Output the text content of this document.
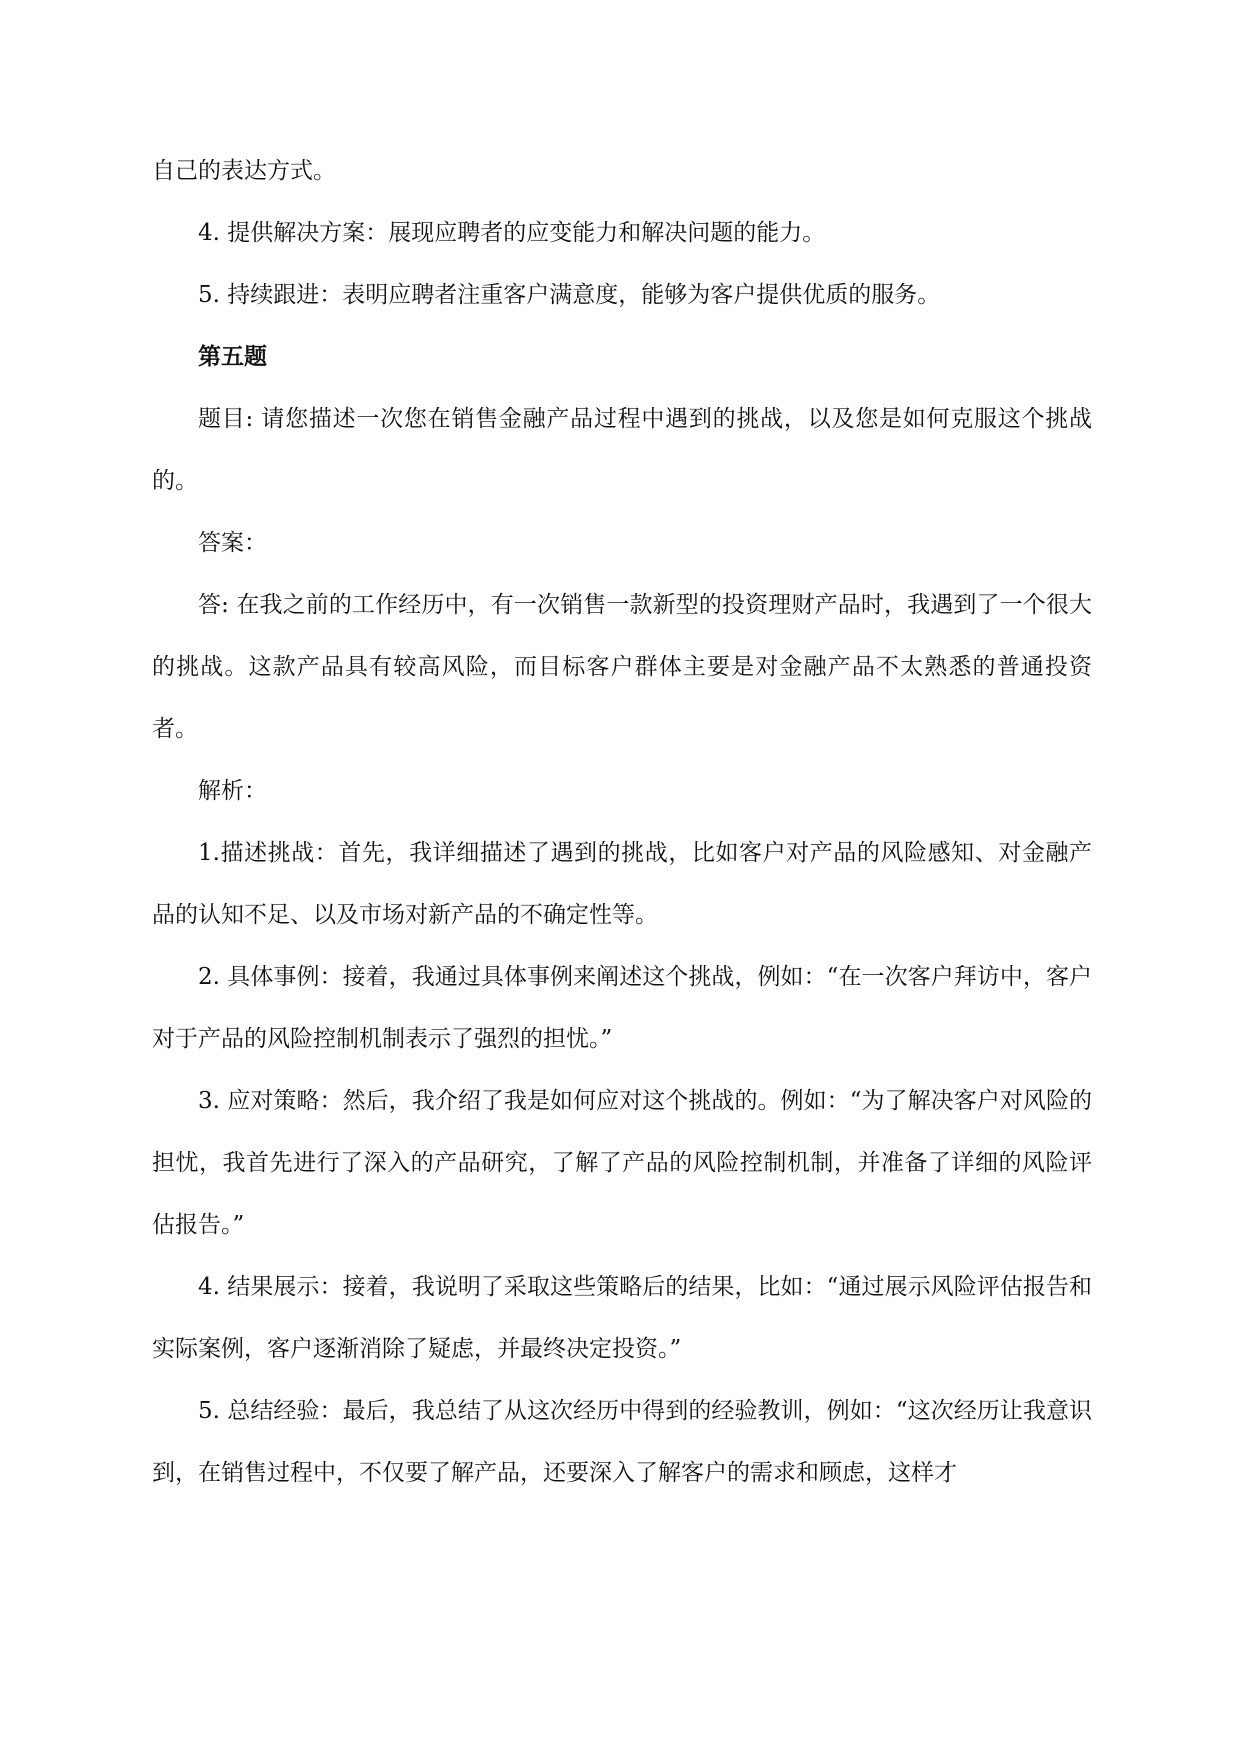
自己的表达方式。

4. 提供解决方案：展现应聘者的应变能力和解决问题的能力。

5. 持续跟进：表明应聘者注重客户满意度，能够为客户提供优质的服务。

第五题

题目: 请您描述一次您在销售金融产品过程中遇到的挑战，以及您是如何克服这个挑战的。

答案：

答: 在我之前的工作经历中，有一次销售一款新型的投资理财产品时，我遇到了一个很大的挑战。这款产品具有较高风险，而目标客户群体主要是对金融产品不太熟悉的普通投资者。

解析：

1.描述挑战：首先，我详细描述了遇到的挑战，比如客户对产品的风险感知、对金融产品的认知不足、以及市场对新产品的不确定性等。

2. 具体事例：接着，我通过具体事例来阐述这个挑战，例如：“在一次客户拜访中，客户对于产品的风险控制机制表示了强烈的担忧。”

3. 应对策略：然后，我介绍了我是如何应对这个挑战的。例如：“为了解决客户对风险的担忧，我首先进行了深入的产品研究，了解了产品的风险控制机制，并准备了详细的风险评估报告。”

4. 结果展示：接着，我说明了采取这些策略后的结果，比如：“通过展示风险评估报告和实际案例，客户逐渐消除了疑虑，并最终决定投资。”

5. 总结经验：最后，我总结了从这次经历中得到的经验教训，例如：“这次经历让我意识到，在销售过程中，不仅要了解产品，还要深入了解客户的需求和顾虑，这样才
